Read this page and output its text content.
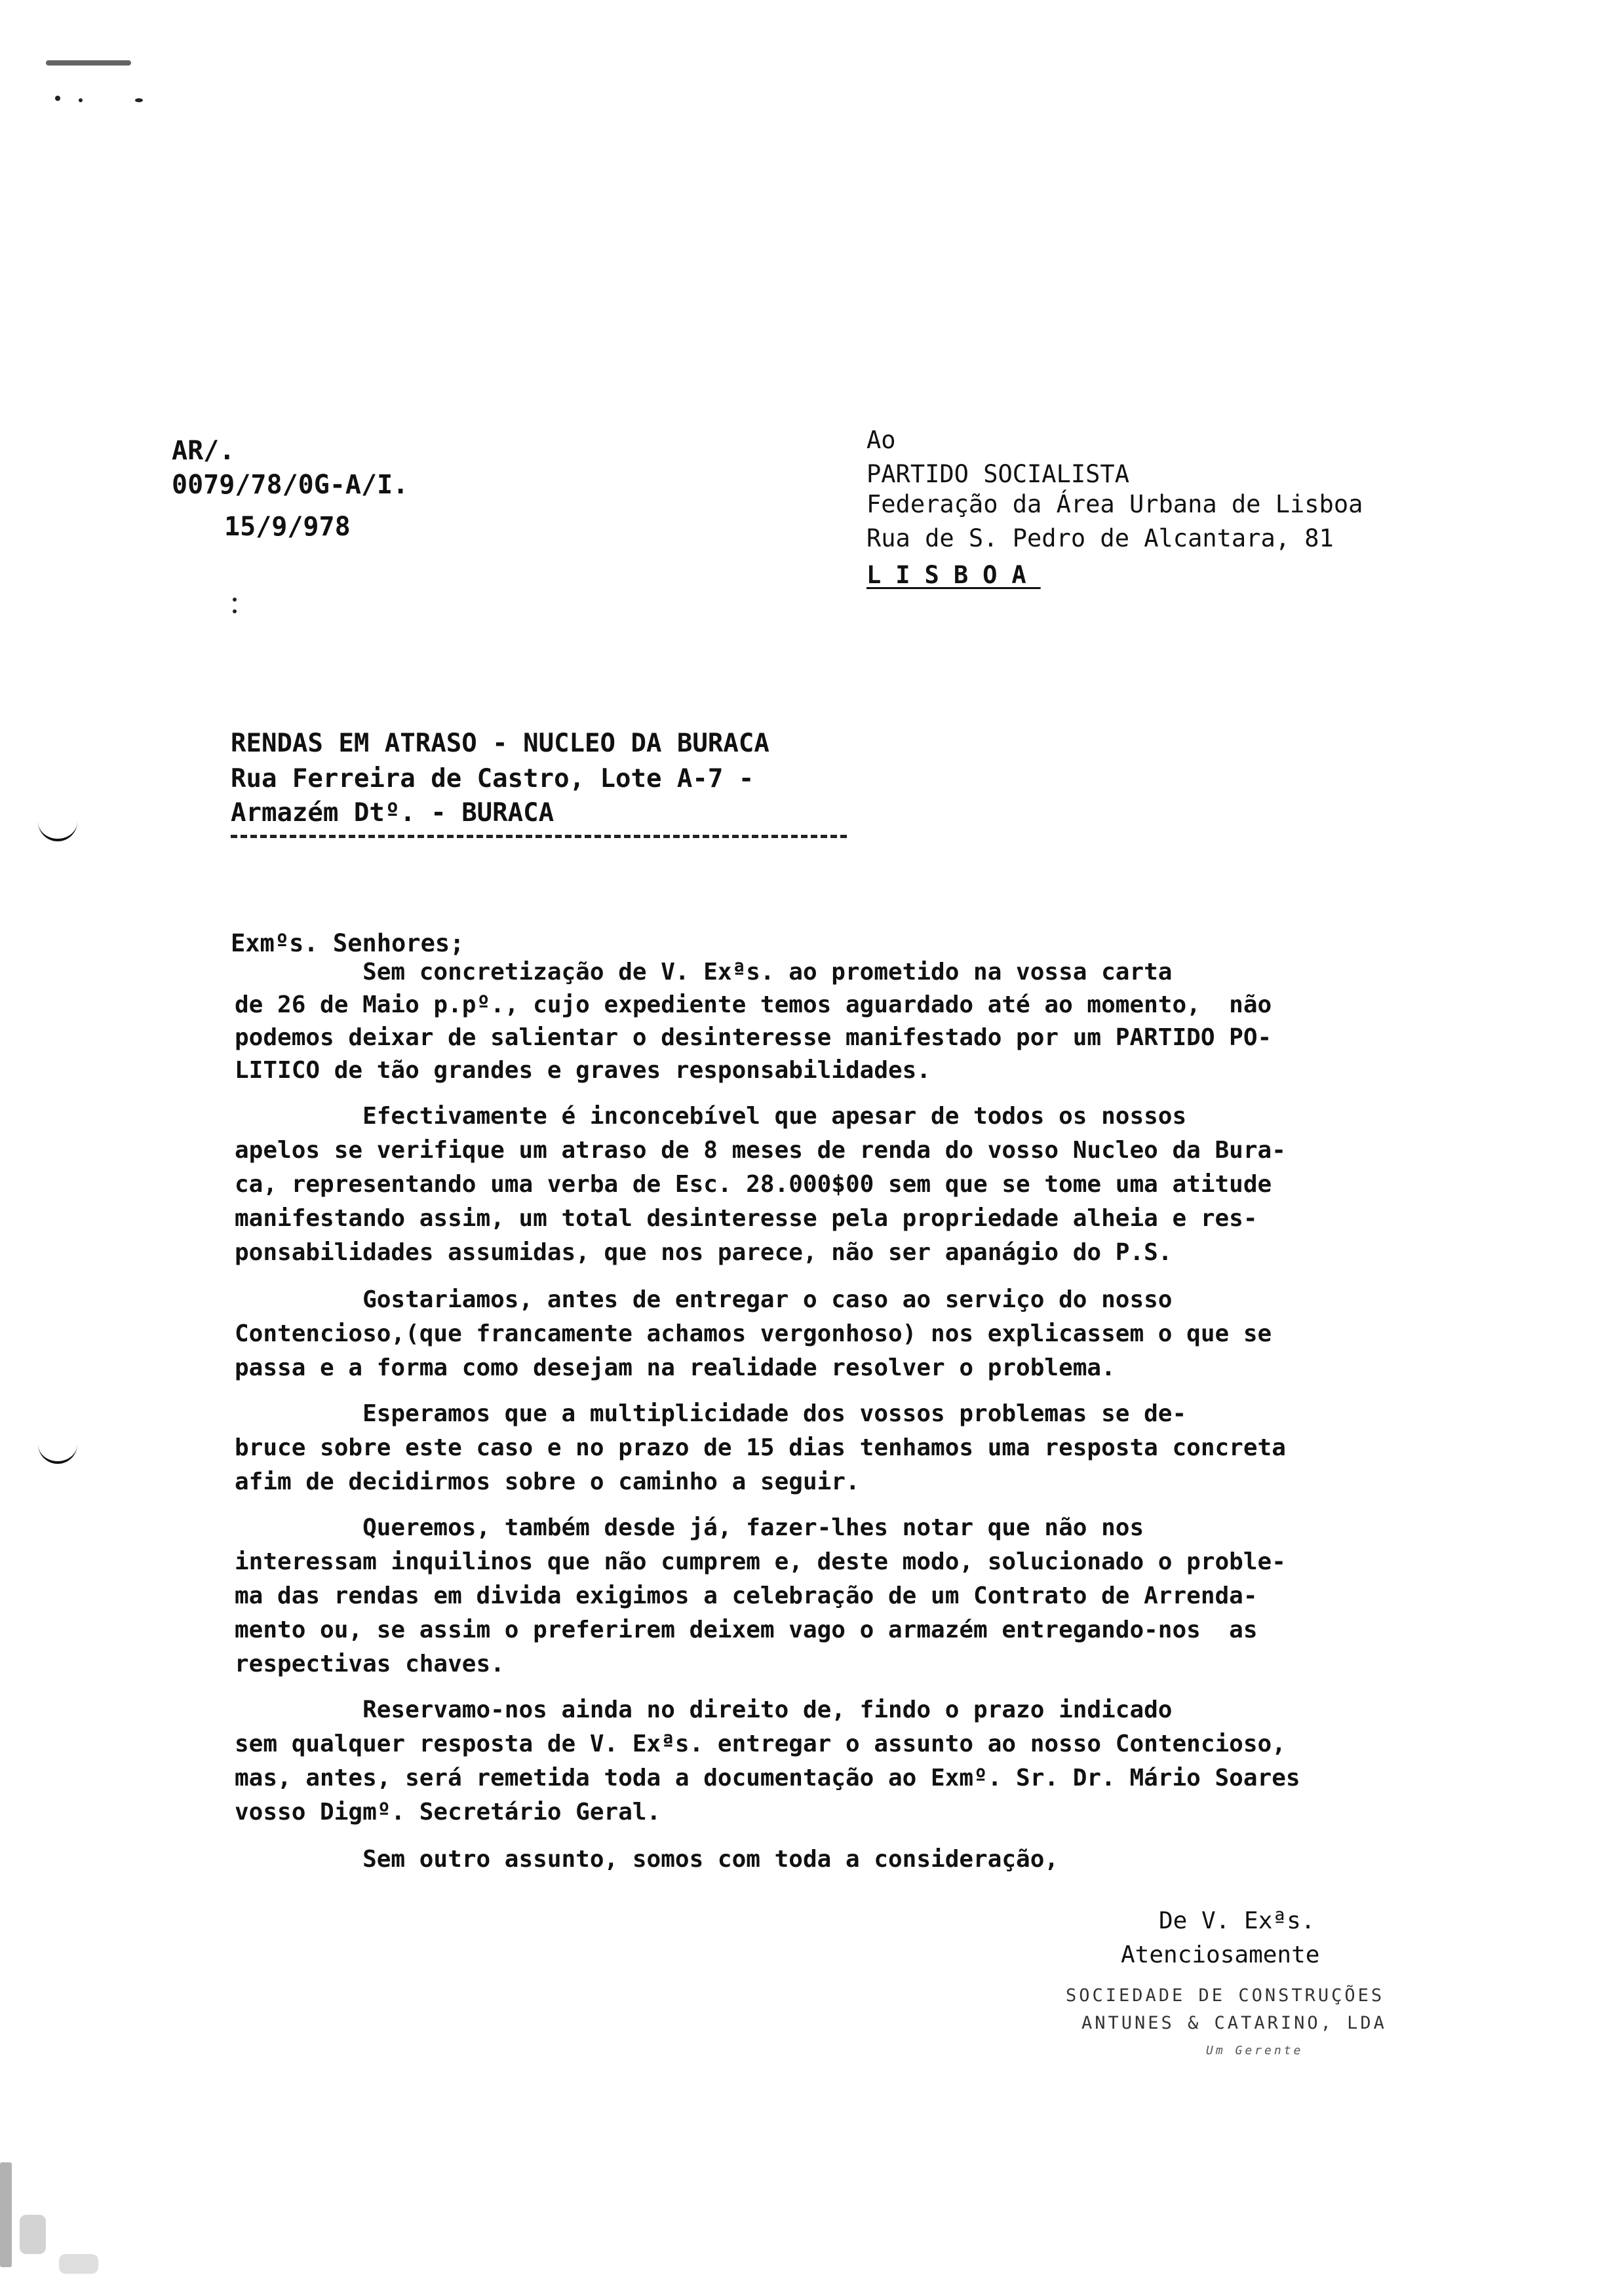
AR/.
0079/78/0G-A/I.
15/9/978
Ao
PARTIDO SOCIALISTA
Federação da Área Urbana de Lisboa
Rua de S. Pedro de Alcantara, 81
LISBOA
RENDAS EM ATRASO - NUCLEO DA BURACA
Rua Ferreira de Castro, Lote A-7 -
Armazém Dtº. - BURACA
Exmºs. Senhores;
Sem concretização de V. Exªs. ao prometido na vossa carta
de 26 de Maio p.pº., cujo expediente temos aguardado até ao momento,  não
podemos deixar de salientar o desinteresse manifestado por um PARTIDO PO-
LITICO de tão grandes e graves responsabilidades.
Efectivamente é inconcebível que apesar de todos os nossos
apelos se verifique um atraso de 8 meses de renda do vosso Nucleo da Bura-
ca, representando uma verba de Esc. 28.000$00 sem que se tome uma atitude
manifestando assim, um total desinteresse pela propriedade alheia e res-
ponsabilidades assumidas, que nos parece, não ser apanágio do P.S.
Gostariamos, antes de entregar o caso ao serviço do nosso
Contencioso,(que francamente achamos vergonhoso) nos explicassem o que se
passa e a forma como desejam na realidade resolver o problema.
Esperamos que a multiplicidade dos vossos problemas se de-
bruce sobre este caso e no prazo de 15 dias tenhamos uma resposta concreta
afim de decidirmos sobre o caminho a seguir.
Queremos, também desde já, fazer-lhes notar que não nos
interessam inquilinos que não cumprem e, deste modo, solucionado o proble-
ma das rendas em divida exigimos a celebração de um Contrato de Arrenda-
mento ou, se assim o preferirem deixem vago o armazém entregando-nos  as
respectivas chaves.
Reservamo-nos ainda no direito de, findo o prazo indicado
sem qualquer resposta de V. Exªs. entregar o assunto ao nosso Contencioso,
mas, antes, será remetida toda a documentação ao Exmº. Sr. Dr. Mário Soares
vosso Digmº. Secretário Geral.
Sem outro assunto, somos com toda a consideração,
De V. Exªs.
Atenciosamente
SOCIEDADE DE CONSTRUÇÕES
ANTUNES & CATARINO, LDA
Um Gerente
